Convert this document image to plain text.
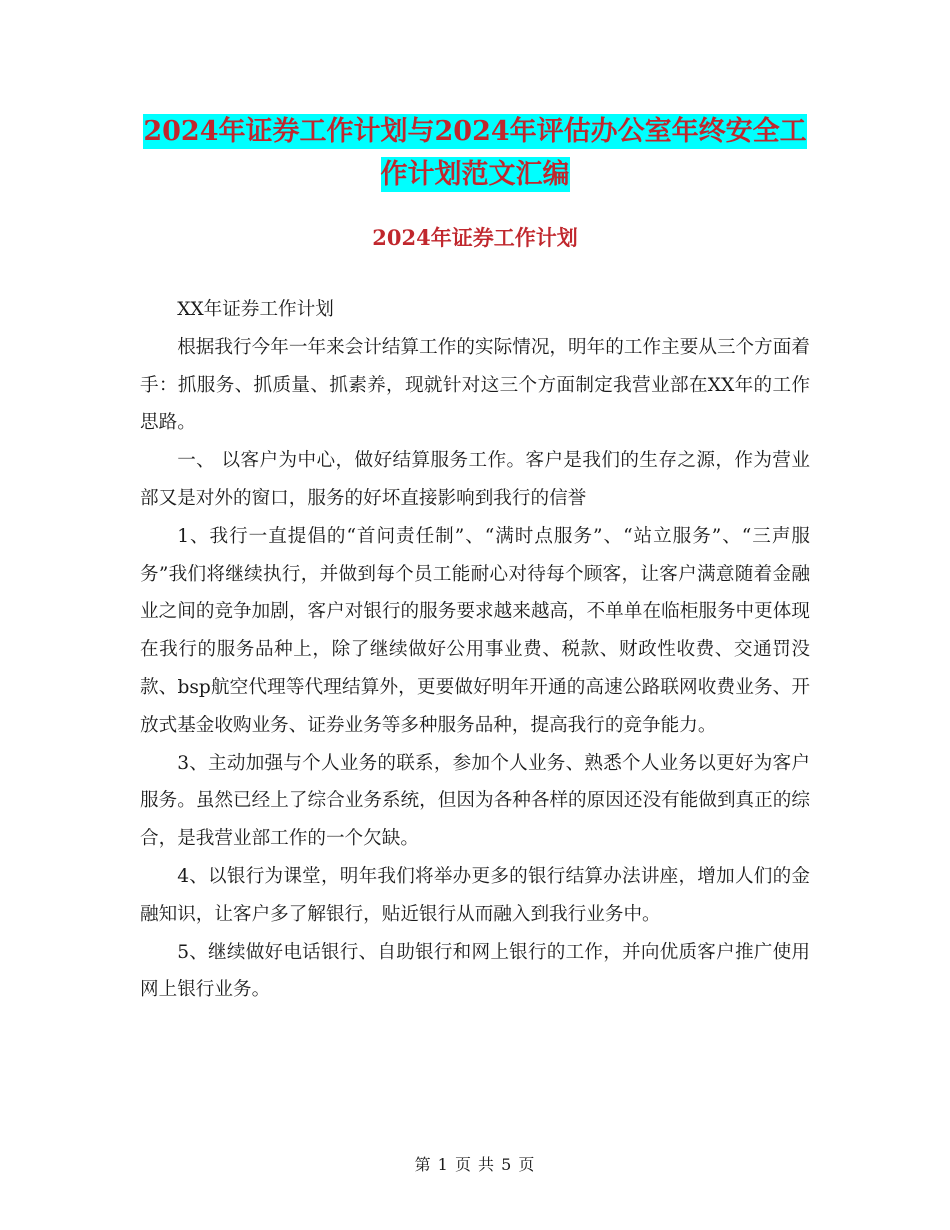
2024年证券工作计划与2024年评估办公室年终安全工
作计划范文汇编
2024年证券工作计划

XX年证券工作计划

根据我行今年一年来会计结算工作的实际情况，明年的工作主要从三个方面着手：抓服务、抓质量、抓素养，现就针对这三个方面制定我营业部在XX年的工作思路。

一、 以客户为中心，做好结算服务工作。客户是我们的生存之源，作为营业部又是对外的窗口，服务的好坏直接影响到我行的信誉

1、我行一直提倡的“首问责任制”、“满时点服务”、“站立服务”、“三声服务”我们将继续执行，并做到每个员工能耐心对待每个顾客，让客户满意随着金融业之间的竞争加剧，客户对银行的服务要求越来越高，不单单在临柜服务中更体现在我行的服务品种上，除了继续做好公用事业费、税款、财政性收费、交通罚没款、bsp航空代理等代理结算外，更要做好明年开通的高速公路联网收费业务、开放式基金收购业务、证券业务等多种服务品种，提高我行的竞争能力。

3、主动加强与个人业务的联系，参加个人业务、熟悉个人业务以更好为客户服务。虽然已经上了综合业务系统，但因为各种各样的原因还没有能做到真正的综合，是我营业部工作的一个欠缺。

4、以银行为课堂，明年我们将举办更多的银行结算办法讲座，增加人们的金融知识，让客户多了解银行，贴近银行从而融入到我行业务中。

5、继续做好电话银行、自助银行和网上银行的工作，并向优质客户推广使用网上银行业务。

第 1 页 共 5 页
